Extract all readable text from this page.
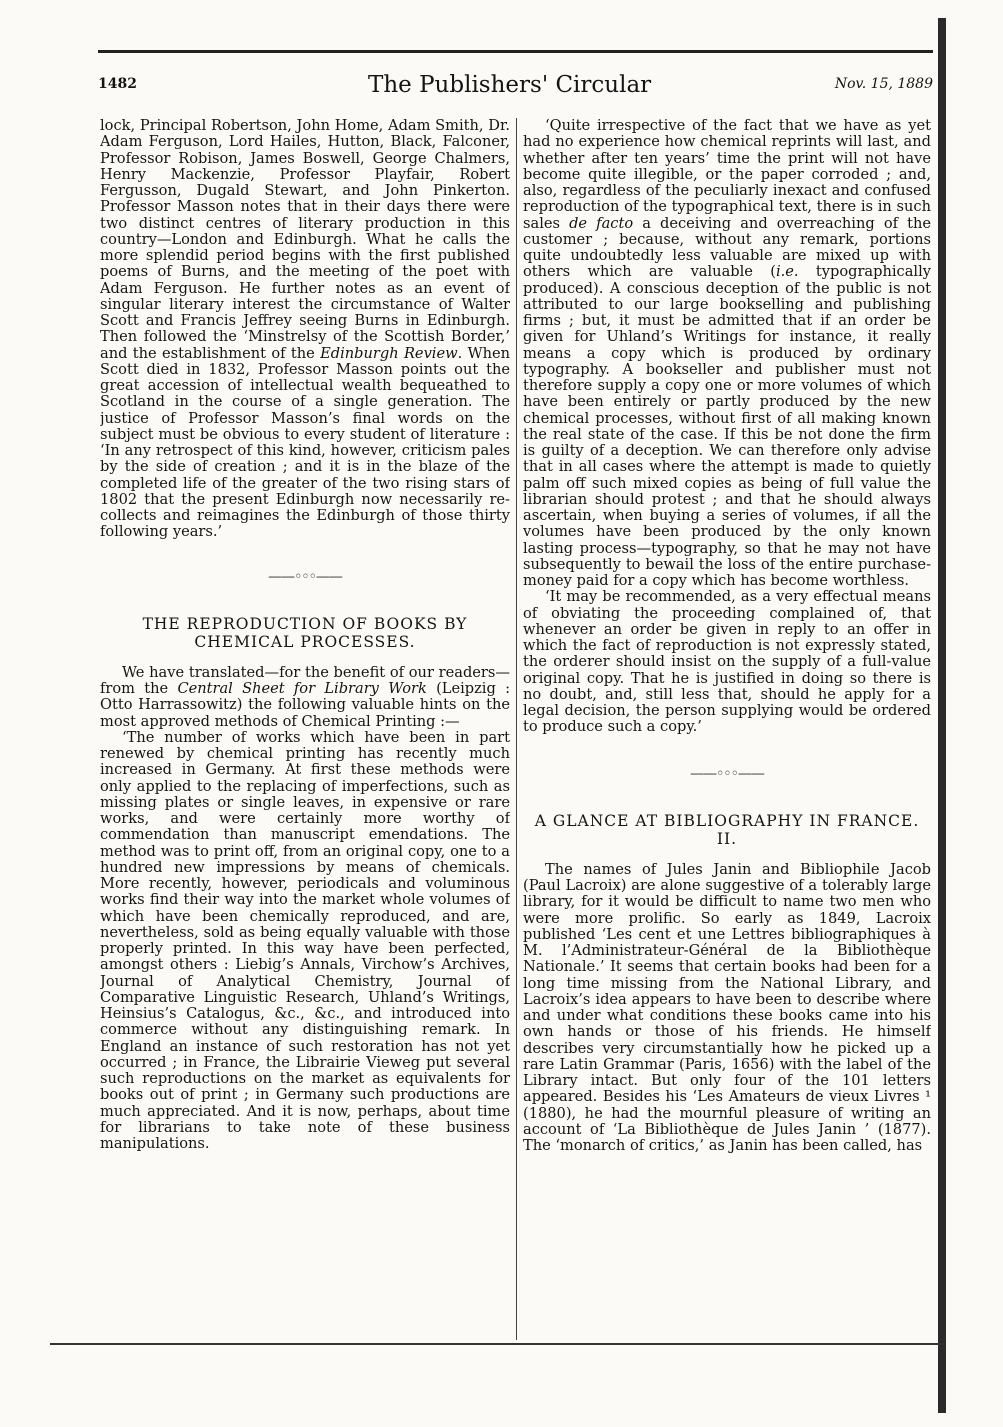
1482	The Publishers' Circular	Nov. 15, 1889

lock, Principal Robertson, John Home, Adam Smith, Dr. Adam Ferguson, Lord Hailes, Hutton, Black, Falconer, Professor Robison, James Boswell, George Chalmers, Henry Mackenzie, Professor Playfair, Robert Fergusson, Dugald Stewart, and John Pinkerton. Professor Masson notes that in their days there were two distinct centres of literary production in this country—London and Edinburgh. What he calls the more splendid period begins with the first published poems of Burns, and the meeting of the poet with Adam Ferguson. He further notes as an event of singular literary interest the circumstance of Walter Scott and Francis Jeffrey seeing Burns in Edinburgh. Then followed the ‘Minstrelsy of the Scottish Border,’ and the establishment of the Edinburgh Review. When Scott died in 1832, Professor Masson points out the great accession of intellectual wealth bequeathed to Scotland in the course of a single generation. The justice of Professor Masson’s final words on the subject must be obvious to every student of literature : ‘In any retrospect of this kind, however, criticism pales by the side of creation ; and it is in the blaze of the completed life of the greater of the two rising stars of 1802 that the present Edinburgh now necessarily re-collects and reimagines the Edinburgh of those thirty following years.’

——◦◦◦——
THE REPRODUCTION OF BOOKS BY CHEMICAL PROCESSES.

We have translated—for the benefit of our readers—from the Central Sheet for Library Work (Leipzig : Otto Harrassowitz) the following valuable hints on the most approved methods of Chemical Printing :—

‘The number of works which have been in part renewed by chemical printing has recently much increased in Germany. At first these methods were only applied to the replacing of imperfections, such as missing plates or single leaves, in expensive or rare works, and were certainly more worthy of commendation than manuscript emendations. The method was to print off, from an original copy, one to a hundred new impressions by means of chemicals. More recently, however, periodicals and voluminous works find their way into the market whole volumes of which have been chemically reproduced, and are, nevertheless, sold as being equally valuable with those properly printed. In this way have been perfected, amongst others : Liebig’s Annals, Virchow’s Archives, Journal of Analytical Chemistry, Journal of Comparative Linguistic Research, Uhland’s Writings, Heinsius’s Catalogus, &c., &c., and introduced into commerce without any distinguishing remark. In England an instance of such restoration has not yet occurred ; in France, the Librairie Vieweg put several such reproductions on the market as equivalents for books out of print ; in Germany such productions are much appreciated. And it is now, perhaps, about time for librarians to take note of these business manipulations.

‘Quite irrespective of the fact that we have as yet had no experience how chemical reprints will last, and whether after ten years’ time the print will not have become quite illegible, or the paper corroded ; and, also, regardless of the peculiarly inexact and confused reproduction of the typographical text, there is in such sales de facto a deceiving and overreaching of the customer ; because, without any remark, portions quite undoubtedly less valuable are mixed up with others which are valuable (i.e. typographically produced). A conscious deception of the public is not attributed to our large bookselling and publishing firms ; but, it must be admitted that if an order be given for Uhland’s Writings for instance, it really means a copy which is produced by ordinary typography. A bookseller and publisher must not therefore supply a copy one or more volumes of which have been entirely or partly produced by the new chemical processes, without first of all making known the real state of the case. If this be not done the firm is guilty of a deception. We can therefore only advise that in all cases where the attempt is made to quietly palm off such mixed copies as being of full value the librarian should protest ; and that he should always ascertain, when buying a series of volumes, if all the volumes have been produced by the only known lasting process—typography, so that he may not have subsequently to bewail the loss of the entire purchase-money paid for a copy which has become worthless.

‘It may be recommended, as a very effectual means of obviating the proceeding complained of, that whenever an order be given in reply to an offer in which the fact of reproduction is not expressly stated, the orderer should insist on the supply of a full-value original copy. That he is justified in doing so there is no doubt, and, still less that, should he apply for a legal decision, the person supplying would be ordered to produce such a copy.’

——◦◦◦——
A GLANCE AT BIBLIOGRAPHY IN FRANCE. II.

The names of Jules Janin and Bibliophile Jacob (Paul Lacroix) are alone suggestive of a tolerably large library, for it would be difficult to name two men who were more prolific. So early as 1849, Lacroix published ‘Les cent et une Lettres bibliographiques à M. l’Administrateur-Général de la Bibliothèque Nationale.’ It seems that certain books had been for a long time missing from the National Library, and Lacroix’s idea appears to have been to describe where and under what conditions these books came into his own hands or those of his friends. He himself describes very circumstantially how he picked up a rare Latin Grammar (Paris, 1656) with the label of the Library intact. But only four of the 101 letters appeared. Besides his ‘Les Amateurs de vieux Livres ¹ (1880), he had the mournful pleasure of writing an account of ‘La Bibliothèque de Jules Janin ’ (1877). The ‘monarch of critics,’ as Janin has been called, has
